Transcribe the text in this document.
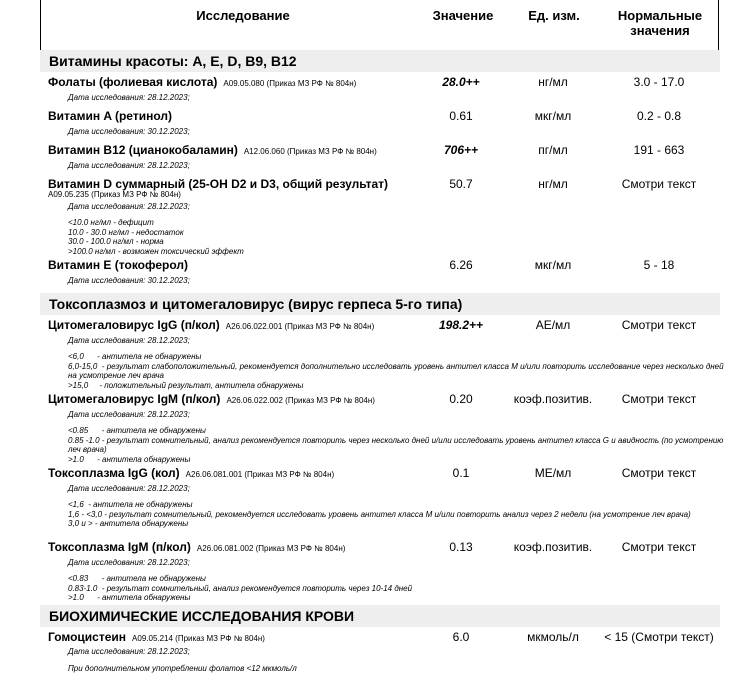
Исследование	Значение	Ед. изм.	Нормальные значения
Витамины красоты: A, E, D, B9, B12
Фолаты (фолиевая кислота) A09.05.080 (Приказ МЗ РФ № 804н)	28.0++	нг/мл	3.0 - 17.0
Дата исследования: 28.12.2023;
Витамин A (ретинол)	0.61	мкг/мл	0.2 - 0.8
Дата исследования: 30.12.2023;
Витамин B12 (цианокобаламин) A12.06.060 (Приказ МЗ РФ № 804н)	706++	пг/мл	191 - 663
Дата исследования: 28.12.2023;
Витамин D суммарный (25-OH D2 и D3, общий результат)
A09.05.235 (Приказ МЗ РФ № 804н)
50.7	нг/мл	Смотри текст
Дата исследования: 28.12.2023;
<10.0 нг/мл - дефицит
10.0 - 30.0 нг/мл - недостаток
30.0 - 100.0 нг/мл - норма
>100.0 нг/мл - возможен токсический эффект
Витамин E (токоферол)	6.26	мкг/мл	5 - 18
Дата исследования: 30.12.2023;
Токсоплазмоз и цитомегаловирус (вирус герпеса 5-го типа)
Цитомегаловирус IgG (п/кол) A26.06.022.001 (Приказ МЗ РФ № 804н)	198.2++	АЕ/мл	Смотри текст
Дата исследования: 28.12.2023;
<6,0      - антитела не обнаружены
6,0-15,0  - результат слабоположительный, рекомендуется дополнительно исследовать уровень антител класса М и/или повторить исследование через несколько дней на усмотрение леч врача
>15,0     - положительный результат, антитела обнаружены
Цитомегаловирус IgM (п/кол) A26.06.022.002 (Приказ МЗ РФ № 804н)	0.20	коэф.позитив.	Смотри текст
Дата исследования: 28.12.2023;
<0.85      - антитела не обнаружены
0.85 -1.0 - результат сомнительный, анализ рекомендуется повторить через несколько дней и/или исследовать уровень антител класса G и авидность (по усмотрению леч врача)
>1.0      - антитела обнаружены
Токсоплазма IgG (кол) A26.06.081.001 (Приказ МЗ РФ № 804н)	0.1	МЕ/мл	Смотри текст
Дата исследования: 28.12.2023;
<1,6  - антитела не обнаружены
1,6 - <3,0 - результат сомнительный, рекомендуется исследовать уровень антител класса М и/или повторить анализ через 2 недели (на усмотрение леч врача)
3,0 и > - антитела обнаружены
Токсоплазма IgM (п/кол) A26.06.081.002 (Приказ МЗ РФ № 804н)	0.13	коэф.позитив.	Смотри текст
Дата исследования: 28.12.2023;
<0.83      - антитела не обнаружены
0.83-1.0  - результат сомнительный, анализ рекомендуется повторить через 10-14 дней
>1.0      - антитела обнаружены
БИОХИМИЧЕСКИЕ ИССЛЕДОВАНИЯ КРОВИ
Гомоцистеин A09.05.214 (Приказ МЗ РФ № 804н)	6.0	мкмоль/л	< 15 (Смотри текст)
Дата исследования: 28.12.2023;
При дополнительном употреблении фолатов <12 мкмоль/л
